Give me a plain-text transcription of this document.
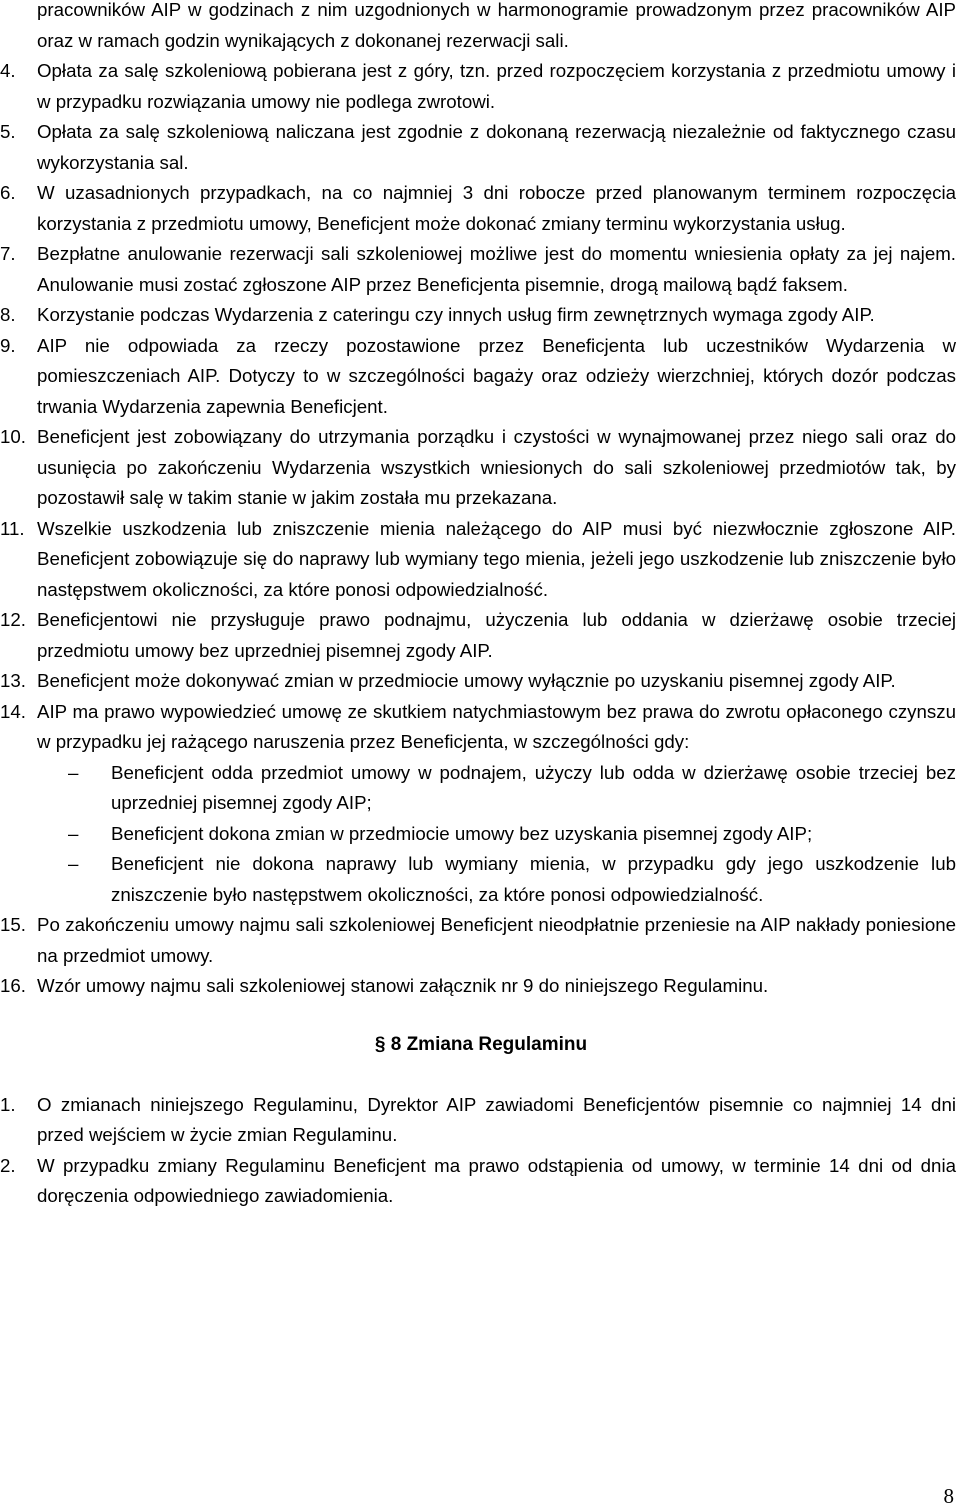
pracowników AIP w godzinach z nim uzgodnionych w harmonogramie prowadzonym przez pracowników AIP oraz w ramach godzin wynikających z dokonanej rezerwacji sali.
4. Opłata za salę szkoleniową pobierana jest z góry, tzn. przed rozpoczęciem korzystania z przedmiotu umowy i w przypadku rozwiązania umowy nie podlega zwrotowi.
5. Opłata za salę szkoleniową naliczana jest zgodnie z dokonaną rezerwacją niezależnie od faktycznego czasu wykorzystania sal.
6. W uzasadnionych przypadkach, na co najmniej 3 dni robocze przed planowanym terminem rozpoczęcia korzystania z przedmiotu umowy, Beneficjent może dokonać zmiany terminu wykorzystania usług.
7. Bezpłatne anulowanie rezerwacji sali szkoleniowej możliwe jest do momentu wniesienia opłaty za jej najem. Anulowanie musi zostać zgłoszone AIP przez Beneficjenta pisemnie, drogą mailową bądź faksem.
8. Korzystanie podczas Wydarzenia z cateringu czy innych usług firm zewnętrznych wymaga zgody AIP.
9. AIP nie odpowiada za rzeczy pozostawione przez Beneficjenta lub uczestników Wydarzenia w pomieszczeniach AIP. Dotyczy to w szczególności bagaży oraz odzieży wierzchniej, których dozór podczas trwania Wydarzenia zapewnia Beneficjent.
10. Beneficjent jest zobowiązany do utrzymania porządku i czystości w wynajmowanej przez niego sali oraz do usunięcia po zakończeniu Wydarzenia wszystkich wniesionych do sali szkoleniowej przedmiotów tak, by pozostawił salę w takim stanie w jakim została mu przekazana.
11. Wszelkie uszkodzenia lub zniszczenie mienia należącego do AIP musi być niezwłocznie zgłoszone AIP. Beneficjent zobowiązuje się do naprawy lub wymiany tego mienia, jeżeli jego uszkodzenie lub zniszczenie było następstwem okoliczności, za które ponosi odpowiedzialność.
12. Beneficjentowi nie przysługuje prawo podnajmu, użyczenia lub oddania w dzierżawę osobie trzeciej przedmiotu umowy bez uprzedniej pisemnej zgody AIP.
13. Beneficjent może dokonywać zmian w przedmiocie umowy wyłącznie po uzyskaniu pisemnej zgody AIP.
14. AIP ma prawo wypowiedzieć umowę ze skutkiem natychmiastowym bez prawa do zwrotu opłaconego czynszu w przypadku jej rażącego naruszenia przez Beneficjenta, w szczególności gdy:
– Beneficjent odda przedmiot umowy w podnajem, użyczy lub odda w dzierżawę osobie trzeciej bez uprzedniej pisemnej zgody AIP;
– Beneficjent dokona zmian w przedmiocie umowy bez uzyskania pisemnej zgody AIP;
– Beneficjent nie dokona naprawy lub wymiany mienia, w przypadku gdy jego uszkodzenie lub zniszczenie było następstwem okoliczności, za które ponosi odpowiedzialność.
15. Po zakończeniu umowy najmu sali szkoleniowej Beneficjent nieodpłatnie przeniesie na AIP nakłady poniesione na przedmiot umowy.
16. Wzór umowy najmu sali szkoleniowej stanowi załącznik nr 9 do niniejszego Regulaminu.
§ 8 Zmiana Regulaminu
1. O zmianach niniejszego Regulaminu, Dyrektor AIP zawiadomi Beneficjentów pisemnie co najmniej 14 dni przed wejściem w życie zmian Regulaminu.
2. W przypadku zmiany Regulaminu Beneficjent ma prawo odstąpienia od umowy, w terminie 14 dni od dnia doręczenia odpowiedniego zawiadomienia.
8
